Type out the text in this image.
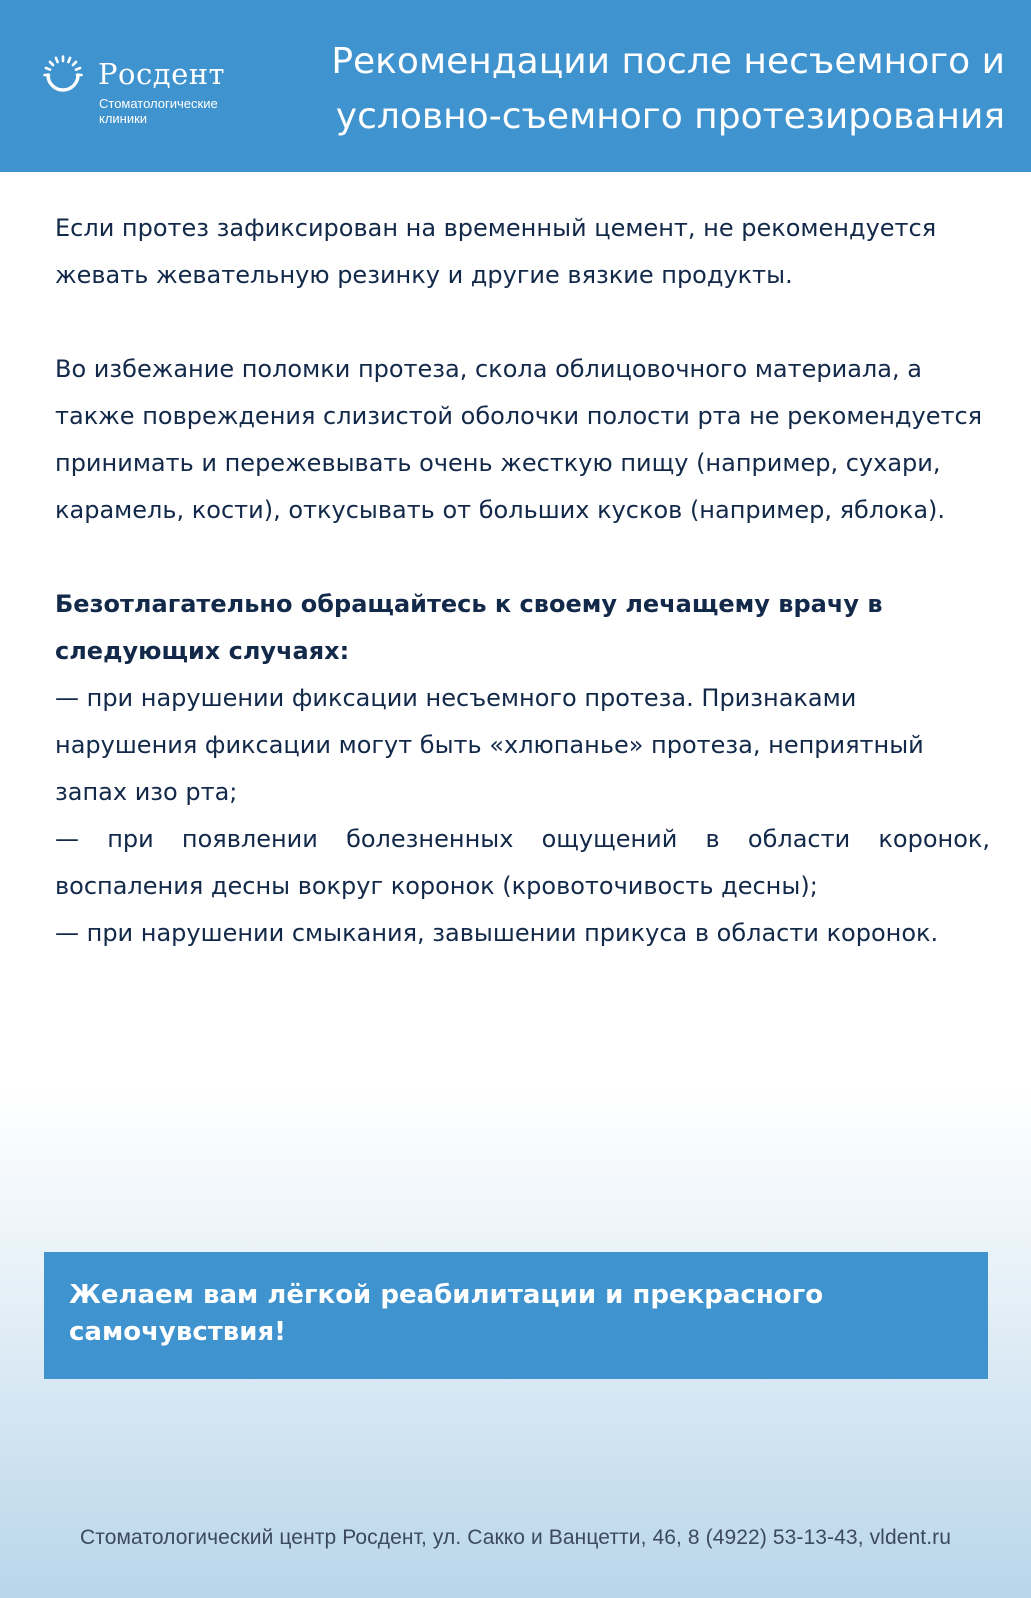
Росдент
Стоматологические клиники
Рекомендации после несъемного и условно-съемного протезирования

Если протез зафиксирован на временный цемент, не рекомендуется жевать жевательную резинку и другие вязкие продукты.

Во избежание поломки протеза, скола облицовочного материала, а также повреждения слизистой оболочки полости рта не рекомендуется принимать и пережевывать очень жесткую пищу (например, сухари, карамель, кости), откусывать от больших кусков (например, яблока).

Безотлагательно обращайтесь к своему лечащему врачу в следующих случаях:
— при нарушении фиксации несъемного протеза. Признаками нарушения фиксации могут быть «хлюпанье» протеза, неприятный запах изо рта;
— при появлении болезненных ощущений в области коронок, воспаления десны вокруг коронок (кровоточивость десны);
— при нарушении смыкания, завышении прикуса в области коронок.
Желаем вам лёгкой реабилитации и прекрасного самочувствия!
Стоматологический центр Росдент, ул. Сакко и Ванцетти, 46, 8 (4922) 53-13-43, vldent.ru
